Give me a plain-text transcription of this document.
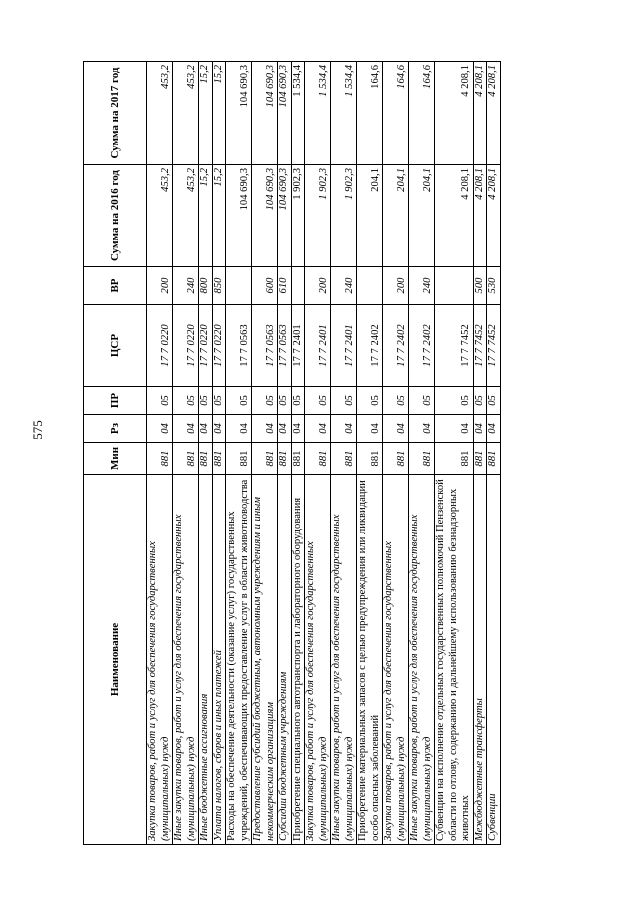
575
Наименование	Мин	Рз	ПР	ЦСР	ВР	Сумма на 2016 год	Сумма на 2017 год
Закупка товаров, работ и услуг для обеспечения государственных (муниципальных) нужд	881	04	05	17 7 0220	200	453,2	453,2
Иные закупки товаров, работ и услуг для обеспечения государственных (муниципальных) нужд	881	04	05	17 7 0220	240	453,2	453,2
Иные бюджетные ассигнования	881	04	05	17 7 0220	800	15,2	15,2
Уплата налогов, сборов и иных платежей	881	04	05	17 7 0220	850	15,2	15,2
Расходы на обеспечение деятельности (оказание услуг) государственных учреждений, обеспечивающих предоставление услуг в области животноводства	881	04	05	17 7 0563		104 690,3	104 690,3
Предоставление субсидий бюджетным, автономным учреждениям и иным некоммерческим организациям	881	04	05	17 7 0563	600	104 690,3	104 690,3
Субсидии бюджетным учреждениям	881	04	05	17 7 0563	610	104 690,3	104 690,3
Приобретение специального автотранспорта и лабораторного оборудования	881	04	05	17 7 2401		1 902,3	1 534,4
Закупка товаров, работ и услуг для обеспечения государственных (муниципальных) нужд	881	04	05	17 7 2401	200	1 902,3	1 534,4
Иные закупки товаров, работ и услуг для обеспечения государственных (муниципальных) нужд	881	04	05	17 7 2401	240	1 902,3	1 534,4
Приобретение материальных запасов с целью предупреждения или ликвидации особо опасных заболеваний	881	04	05	17 7 2402		204,1	164,6
Закупка товаров, работ и услуг для обеспечения государственных (муниципальных) нужд	881	04	05	17 7 2402	200	204,1	164,6
Иные закупки товаров, работ и услуг для обеспечения государственных (муниципальных) нужд	881	04	05	17 7 2402	240	204,1	164,6
Субвенции на исполнение отдельных государственных полномочий Пензенской области по отлову, содержанию и дальнейшему использованию безнадзорных животных	881	04	05	17 7 7452		4 208,1	4 208,1
Межбюджетные трансферты	881	04	05	17 7 7452	500	4 208,1	4 208,1
Субвенции	881	04	05	17 7 7452	530	4 208,1	4 208,1
